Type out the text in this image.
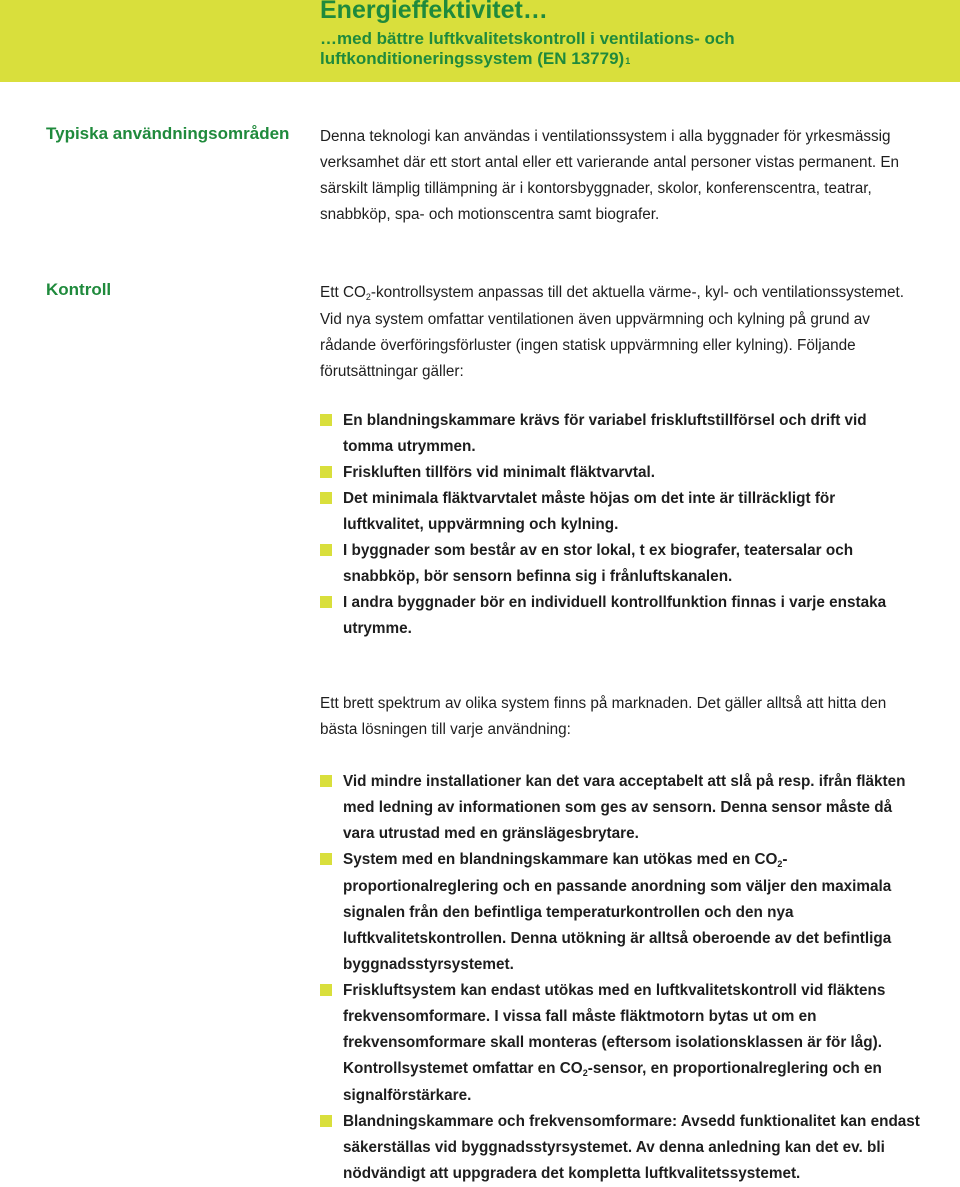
Energieffektivitet…
…med bättre luftkvalitetskontroll i ventilations- och luftkonditioneringssystem (EN 13779)$^1$
Typiska användningsområden Denna teknologi kan användas i ventilationssystem i alla byggnader för yrkesmässig verksamhet där ett stort antal eller ett varierande antal personer vistas permanent. En särskilt lämplig tillämpning är i kontorsbyggnader, skolor, konferenscentra, teatrar, snabbköp, spa- och motionscentra samt biografer.
Kontroll	Ett CO2-kontrollsystem anpassas till det aktuella värme-, kyl- och ventilationssystemet. Vid nya system omfattar ventilationen även uppvärmning och kylning på grund av rådande överföringsförluster (ingen statisk uppvärmning eller kylning). Följande förutsättningar gäller:
En blandningskammare krävs för variabel friskluftstillförsel och drift vid tomma utrymmen.
Friskluften tillförs vid minimalt fläktvarvtal.
Det minimala fläktvarvtalet måste höjas om det inte är tillräckligt för luftkvalitet, uppvärmning och kylning.
I byggnader som består av en stor lokal, t ex biografer, teatersalar och snabbköp, bör sensorn befinna sig i frånluftskanalen.
I andra byggnader bör en individuell kontrollfunktion finnas i varje enstaka utrymme.
Ett brett spektrum av olika system finns på marknaden. Det gäller alltså att hitta den bästa lösningen till varje användning:
Vid mindre installationer kan det vara acceptabelt att slå på resp. ifrån fläkten med ledning av informationen som ges av sensorn. Denna sensor måste då vara utrustad med en gränslägesbrytare.
System med en blandningskammare kan utökas med en CO2-proportionalreglering och en passande anordning som väljer den maximala signalen från den befintliga temperaturkontrollen och den nya luftkvalitetskontrollen. Denna utökning är alltså oberoende av det befintliga byggnadsstyrsystemet.
Friskluftsystem kan endast utökas med en luftkvalitetskontroll vid fläktens frekvensomformare. I vissa fall måste fläktmotorn bytas ut om en frekvensomformare skall monteras (eftersom isolationsklassen är för låg). Kontrollsystemet omfattar en CO2-sensor, en proportionalreglering och en signalförstärkare.
Blandningskammare och frekvensomformare: Avsedd funktionalitet kan endast säkerställas vid byggnadsstyrsystemet. Av denna anledning kan det ev. bli nödvändigt att uppgradera det kompletta luftkvalitetssystemet.
